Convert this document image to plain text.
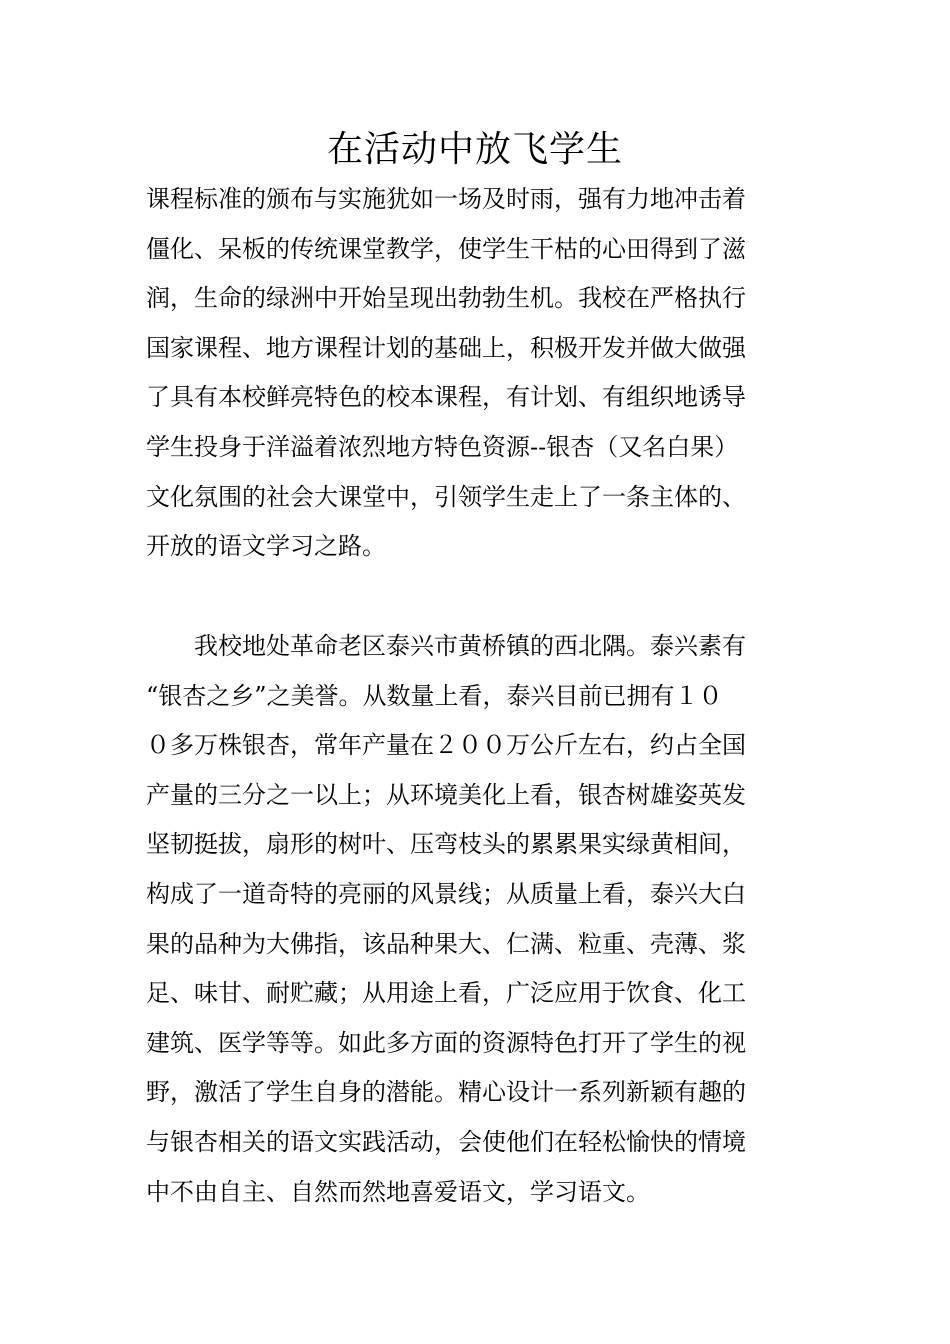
在活动中放飞学生
课程标准的颁布与实施犹如一场及时雨，强有力地冲击着
僵化、呆板的传统课堂教学，使学生干枯的心田得到了滋
润，生命的绿洲中开始呈现出勃勃生机。我校在严格执行
国家课程、地方课程计划的基础上，积极开发并做大做强
了具有本校鲜亮特色的校本课程，有计划、有组织地诱导
学生投身于洋溢着浓烈地方特色资源--银杏（又名白果）
文化氛围的社会大课堂中，引领学生走上了一条主体的、
开放的语文学习之路。
　　我校地处革命老区泰兴市黄桥镇的西北隅。泰兴素有
“银杏之乡”之美誉。从数量上看，泰兴目前已拥有１０
０多万株银杏，常年产量在２００万公斤左右，约占全国
产量的三分之一以上；从环境美化上看，银杏树雄姿英发
坚韧挺拔，扇形的树叶、压弯枝头的累累果实绿黄相间，
构成了一道奇特的亮丽的风景线；从质量上看，泰兴大白
果的品种为大佛指，该品种果大、仁满、粒重、壳薄、浆
足、味甘、耐贮藏；从用途上看，广泛应用于饮食、化工
建筑、医学等等。如此多方面的资源特色打开了学生的视
野，激活了学生自身的潜能。精心设计一系列新颖有趣的
与银杏相关的语文实践活动，会使他们在轻松愉快的情境
中不由自主、自然而然地喜爱语文，学习语文。
